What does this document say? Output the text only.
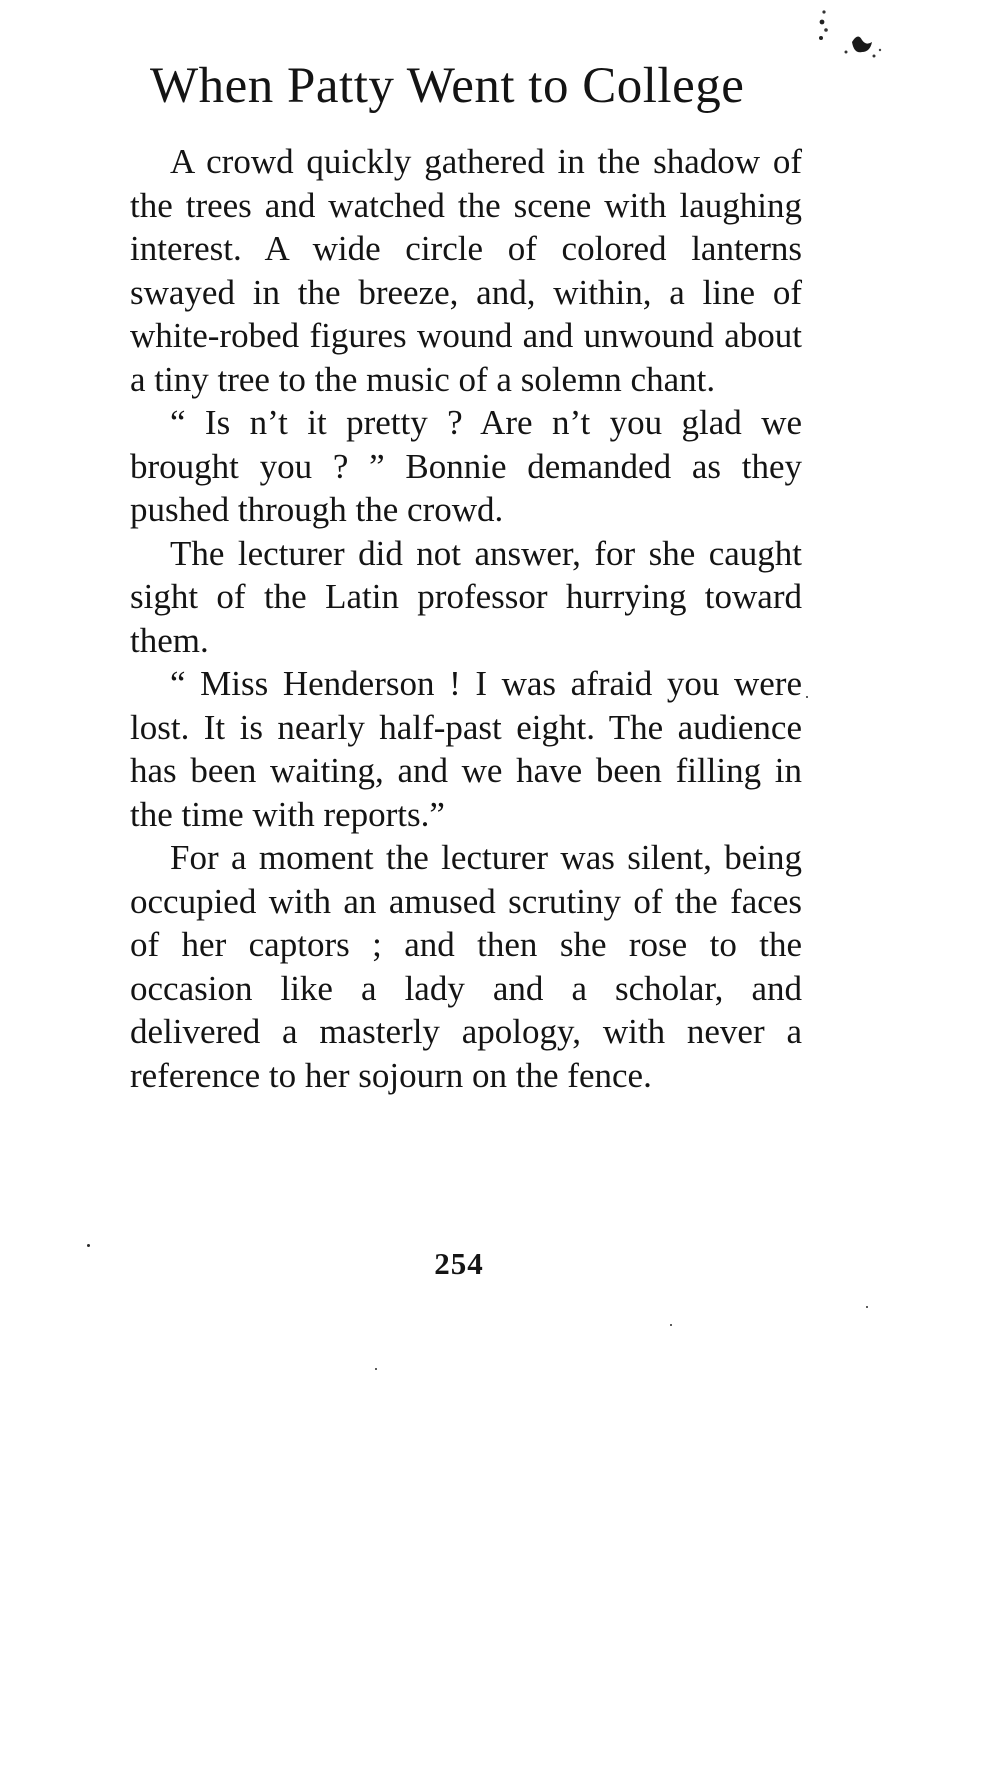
When Patty Went to College

A crowd quickly gathered in the shadow of the trees and watched the scene with laughing interest. A wide circle of colored lanterns swayed in the breeze, and, within, a line of white-robed figures wound and unwound about a tiny tree to the music of a solemn chant.

“ Is n’t it pretty ? Are n’t you glad we brought you ? ” Bonnie demanded as they pushed through the crowd.

The lecturer did not answer, for she caught sight of the Latin professor hurrying toward them.

“ Miss Henderson ! I was afraid you were lost. It is nearly half-past eight. The audience has been waiting, and we have been filling in the time with reports.”

For a moment the lecturer was silent, being occupied with an amused scrutiny of the faces of her captors ; and then she rose to the occasion like a lady and a scholar, and delivered a masterly apology, with never a reference to her sojourn on the fence.

254
